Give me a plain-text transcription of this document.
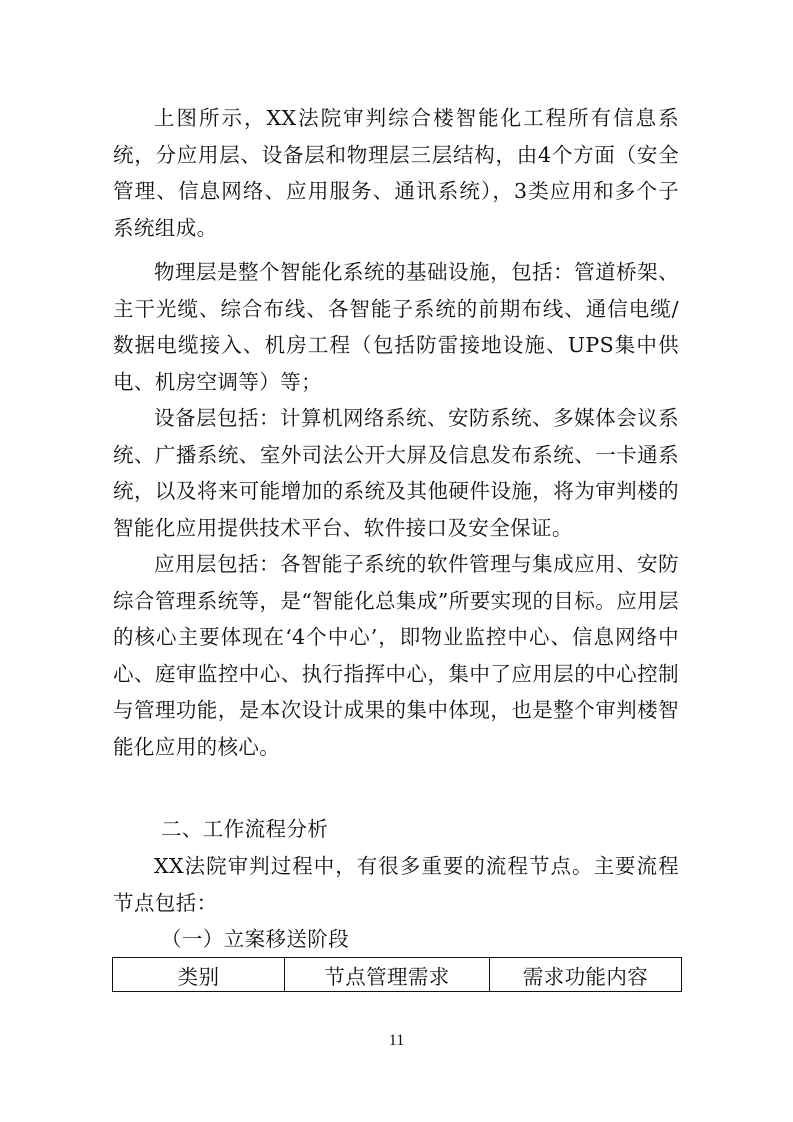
上图所示，XX法院审判综合楼智能化工程所有信息系统，分应用层、设备层和物理层三层结构，由4个方面（安全管理、信息网络、应用服务、通讯系统），3类应用和多个子系统组成。

物理层是整个智能化系统的基础设施，包括：管道桥架、主干光缆、综合布线、各智能子系统的前期布线、通信电缆/数据电缆接入、机房工程（包括防雷接地设施、UPS集中供电、机房空调等）等；

设备层包括：计算机网络系统、安防系统、多媒体会议系统、广播系统、室外司法公开大屏及信息发布系统、一卡通系统，以及将来可能增加的系统及其他硬件设施，将为审判楼的智能化应用提供技术平台、软件接口及安全保证。

应用层包括：各智能子系统的软件管理与集成应用、安防综合管理系统等，是“智能化总集成”所要实现的目标。应用层的核心主要体现在‘4个中心’，即物业监控中心、信息网络中心、庭审监控中心、执行指挥中心，集中了应用层的中心控制与管理功能，是本次设计成果的集中体现，也是整个审判楼智能化应用的核心。

二、工作流程分析

XX法院审判过程中，有很多重要的流程节点。主要流程节点包括：

（一）立案移送阶段

类别	节点管理需求	需求功能内容
11
